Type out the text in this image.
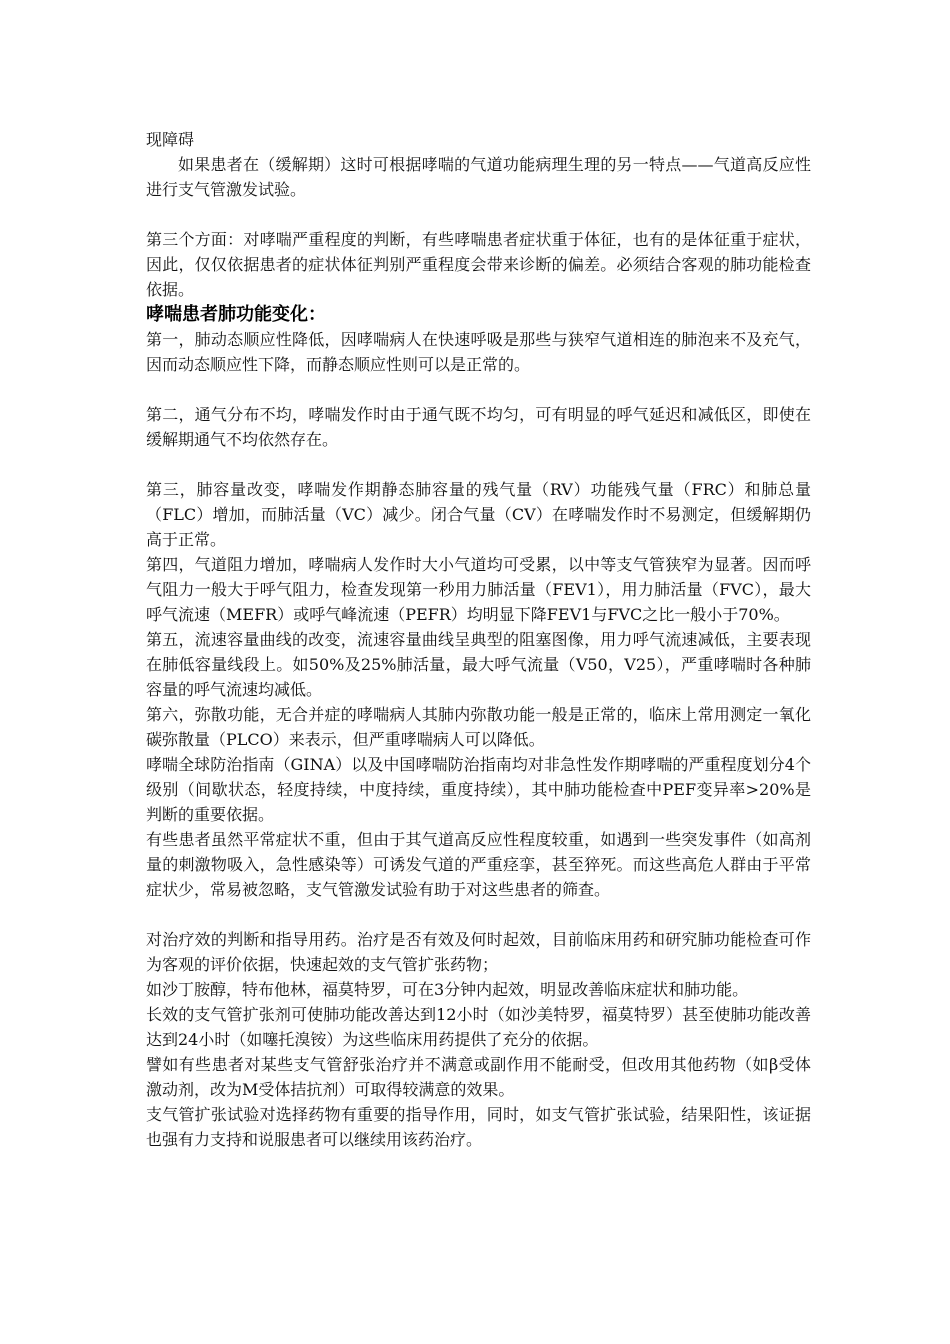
现障碍

如果患者在（缓解期）这时可根据哮喘的气道功能病理生理的另一特点——气道高反应性进行支气管激发试验。

第三个方面：对哮喘严重程度的判断，有些哮喘患者症状重于体征，也有的是体征重于症状，因此，仅仅依据患者的症状体征判别严重程度会带来诊断的偏差。必须结合客观的肺功能检查依据。

哮喘患者肺功能变化：

第一，肺动态顺应性降低，因哮喘病人在快速呼吸是那些与狭窄气道相连的肺泡来不及充气，因而动态顺应性下降，而静态顺应性则可以是正常的。

第二，通气分布不均，哮喘发作时由于通气既不均匀，可有明显的呼气延迟和减低区，即使在缓解期通气不均依然存在。

第三，肺容量改变，哮喘发作期静态肺容量的残气量（RV）功能残气量（FRC）和肺总量（FLC）增加，而肺活量（VC）减少。闭合气量（CV）在哮喘发作时不易测定，但缓解期仍高于正常。

第四，气道阻力增加，哮喘病人发作时大小气道均可受累，以中等支气管狭窄为显著。因而呼气阻力一般大于呼气阻力，检查发现第一秒用力肺活量（FEV1），用力肺活量（FVC），最大呼气流速（MEFR）或呼气峰流速（PEFR）均明显下降FEV1与FVC之比一般小于70%。

第五，流速容量曲线的改变，流速容量曲线呈典型的阻塞图像，用力呼气流速减低，主要表现在肺低容量线段上。如50%及25%肺活量，最大呼气流量（V50，V25），严重哮喘时各种肺容量的呼气流速均减低。

第六，弥散功能，无合并症的哮喘病人其肺内弥散功能一般是正常的，临床上常用测定一氧化碳弥散量（PLCO）来表示，但严重哮喘病人可以降低。

哮喘全球防治指南（GINA）以及中国哮喘防治指南均对非急性发作期哮喘的严重程度划分4个级别（间歇状态，轻度持续，中度持续，重度持续），其中肺功能检查中PEF变异率>20%是判断的重要依据。

有些患者虽然平常症状不重，但由于其气道高反应性程度较重，如遇到一些突发事件（如高剂量的刺激物吸入，急性感染等）可诱发气道的严重痉挛，甚至猝死。而这些高危人群由于平常症状少，常易被忽略，支气管激发试验有助于对这些患者的筛查。

对治疗效的判断和指导用药。治疗是否有效及何时起效，目前临床用药和研究肺功能检查可作为客观的评价依据，快速起效的支气管扩张药物；

如沙丁胺醇，特布他林，福莫特罗，可在3分钟内起效，明显改善临床症状和肺功能。

长效的支气管扩张剂可使肺功能改善达到12小时（如沙美特罗，福莫特罗）甚至使肺功能改善达到24小时（如噻托溴铵）为这些临床用药提供了充分的依据。

譬如有些患者对某些支气管舒张治疗并不满意或副作用不能耐受，但改用其他药物（如β受体激动剂，改为M受体拮抗剂）可取得较满意的效果。

支气管扩张试验对选择药物有重要的指导作用，同时，如支气管扩张试验，结果阳性，该证据也强有力支持和说服患者可以继续用该药治疗。
